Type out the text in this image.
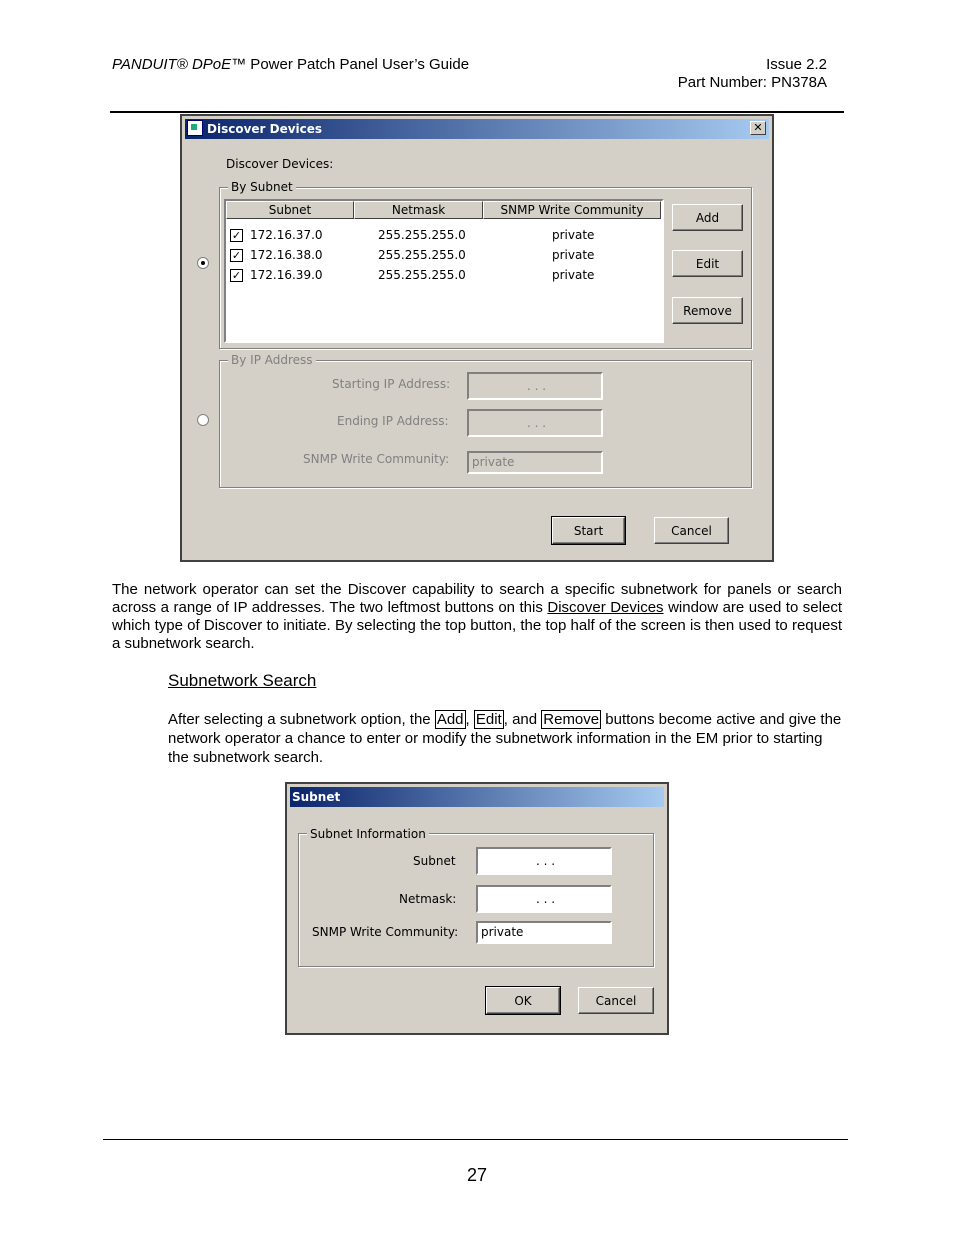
PANDUIT® DPoE™ Power Patch Panel User’s Guide	Issue 2.2
Part Number: PN378A
Discover Devices	✕
Discover Devices:
By Subnet
Subnet	Netmask	SNMP Write Community
✓ 172.16.37.0	255.255.255.0	private
✓ 172.16.38.0	255.255.255.0	private
✓ 172.16.39.0	255.255.255.0	private
Add
Edit
Remove
By IP Address
Starting IP Address:	. . .
Ending IP Address:	. . .
SNMP Write Community:	private
Start	Cancel
The network operator can set the Discover capability to search a specific subnetwork for panels or search across a range of IP addresses. The two leftmost buttons on this Discover Devices window are used to select which type of Discover to initiate. By selecting the top button, the top half of the screen is then used to request a subnetwork search.
Subnetwork Search
After selecting a subnetwork option, the Add , Edit , and Remove buttons become active and give the network operator a chance to enter or modify the subnetwork information in the EM prior to starting the subnetwork search.
Subnet
Subnet Information
Subnet	. . .
Netmask:	. . .
SNMP Write Community:	private
OK	Cancel
27
